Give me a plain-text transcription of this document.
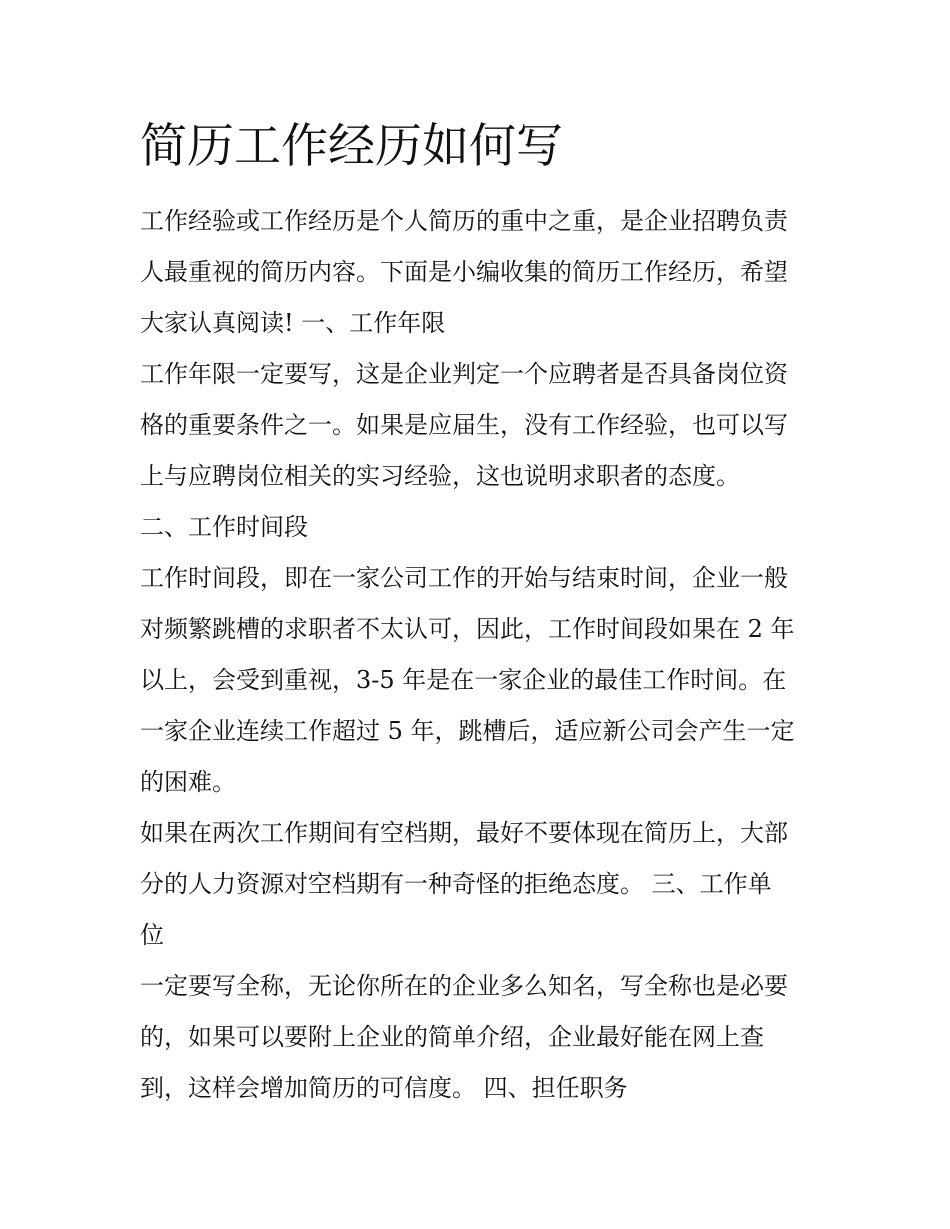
简历工作经历如何写
工作经验或工作经历是个人简历的重中之重，是企业招聘负责
人最重视的简历内容。下面是小编收集的简历工作经历，希望
大家认真阅读! 一、工作年限
工作年限一定要写，这是企业判定一个应聘者是否具备岗位资
格的重要条件之一。如果是应届生，没有工作经验，也可以写
上与应聘岗位相关的实习经验，这也说明求职者的态度。
二、工作时间段
工作时间段，即在一家公司工作的开始与结束时间，企业一般
对频繁跳槽的求职者不太认可，因此，工作时间段如果在 2 年
以上，会受到重视，3-5 年是在一家企业的最佳工作时间。在
一家企业连续工作超过 5 年，跳槽后，适应新公司会产生一定
的困难。
如果在两次工作期间有空档期，最好不要体现在简历上，大部
分的人力资源对空档期有一种奇怪的拒绝态度。 三、工作单
位
一定要写全称，无论你所在的企业多么知名，写全称也是必要
的，如果可以要附上企业的简单介绍，企业最好能在网上查
到，这样会增加简历的可信度。 四、担任职务
